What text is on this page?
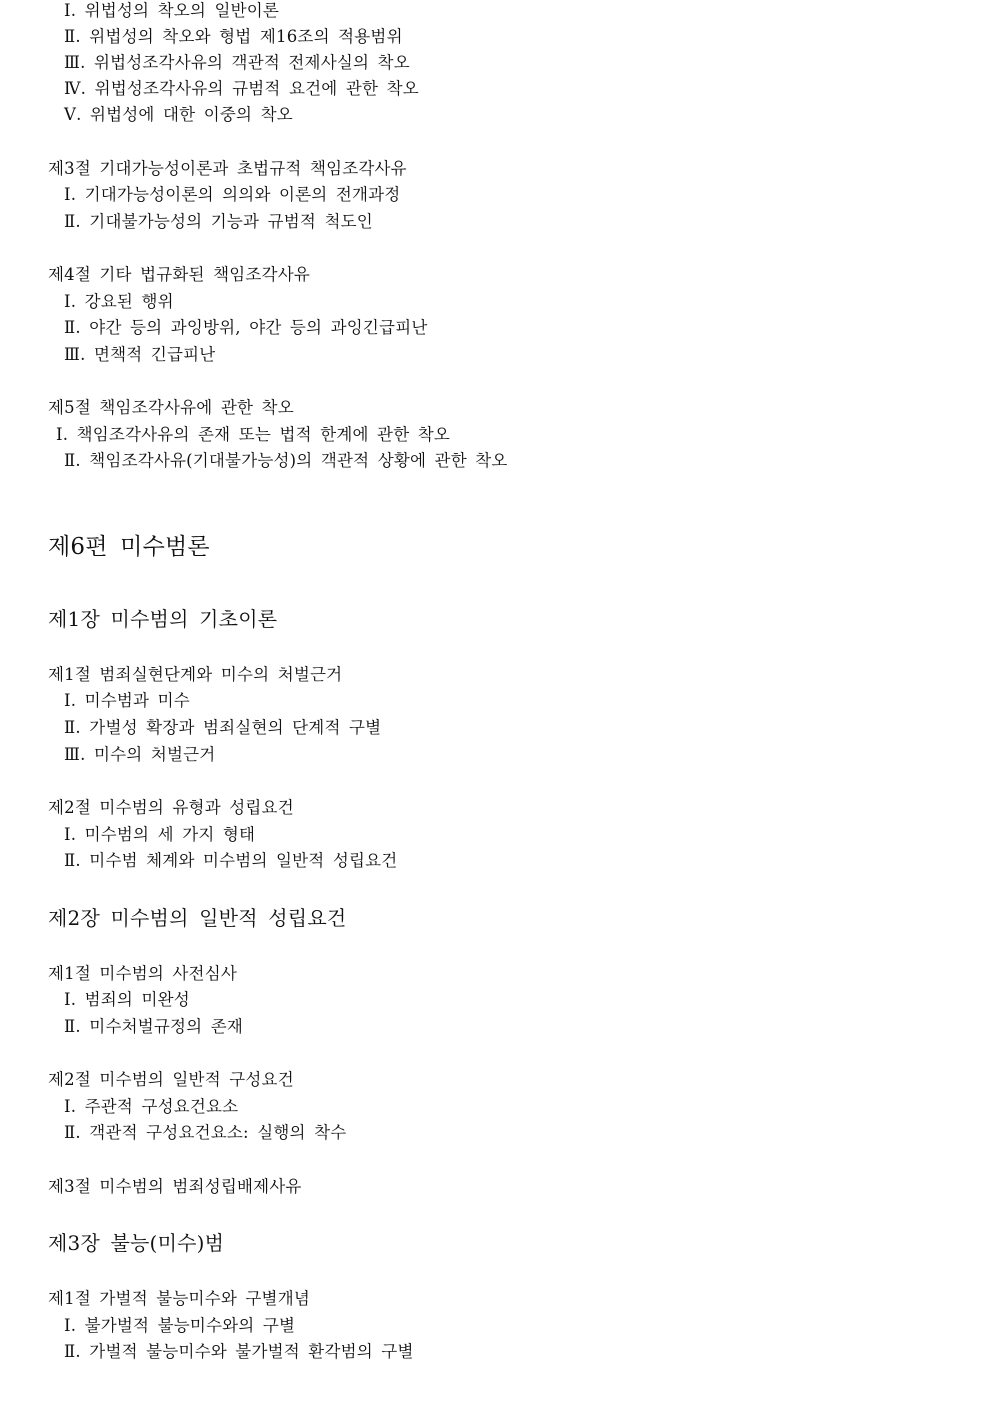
Ⅰ. 위법성의 착오의 일반이론
Ⅱ. 위법성의 착오와 형법 제16조의 적용범위
Ⅲ. 위법성조각사유의 객관적 전제사실의 착오
Ⅳ. 위법성조각사유의 규범적 요건에 관한 착오
Ⅴ. 위법성에 대한 이중의 착오
제3절 기대가능성이론과 초법규적 책임조각사유
Ⅰ. 기대가능성이론의 의의와 이론의 전개과정
Ⅱ. 기대불가능성의 기능과 규범적 척도인
제4절 기타 법규화된 책임조각사유
Ⅰ. 강요된 행위
Ⅱ. 야간 등의 과잉방위, 야간 등의 과잉긴급피난
Ⅲ. 면책적 긴급피난
제5절 책임조각사유에 관한 착오
Ⅰ. 책임조각사유의 존재 또는 법적 한계에 관한 착오
Ⅱ. 책임조각사유(기대불가능성)의 객관적 상황에 관한 착오
제6편 미수범론
제1장 미수범의 기초이론
제1절 범죄실현단계와 미수의 처벌근거
Ⅰ. 미수범과 미수
Ⅱ. 가벌성 확장과 범죄실현의 단계적 구별
Ⅲ. 미수의 처벌근거
제2절 미수범의 유형과 성립요건
Ⅰ. 미수범의 세 가지 형태
Ⅱ. 미수범 체계와 미수범의 일반적 성립요건
제2장 미수범의 일반적 성립요건
제1절 미수범의 사전심사
Ⅰ. 범죄의 미완성
Ⅱ. 미수처벌규정의 존재
제2절 미수범의 일반적 구성요건
Ⅰ. 주관적 구성요건요소
Ⅱ. 객관적 구성요건요소: 실행의 착수
제3절 미수범의 범죄성립배제사유
제3장 불능(미수)범
제1절 가벌적 불능미수와 구별개념
Ⅰ. 불가벌적 불능미수와의 구별
Ⅱ. 가벌적 불능미수와 불가벌적 환각범의 구별
